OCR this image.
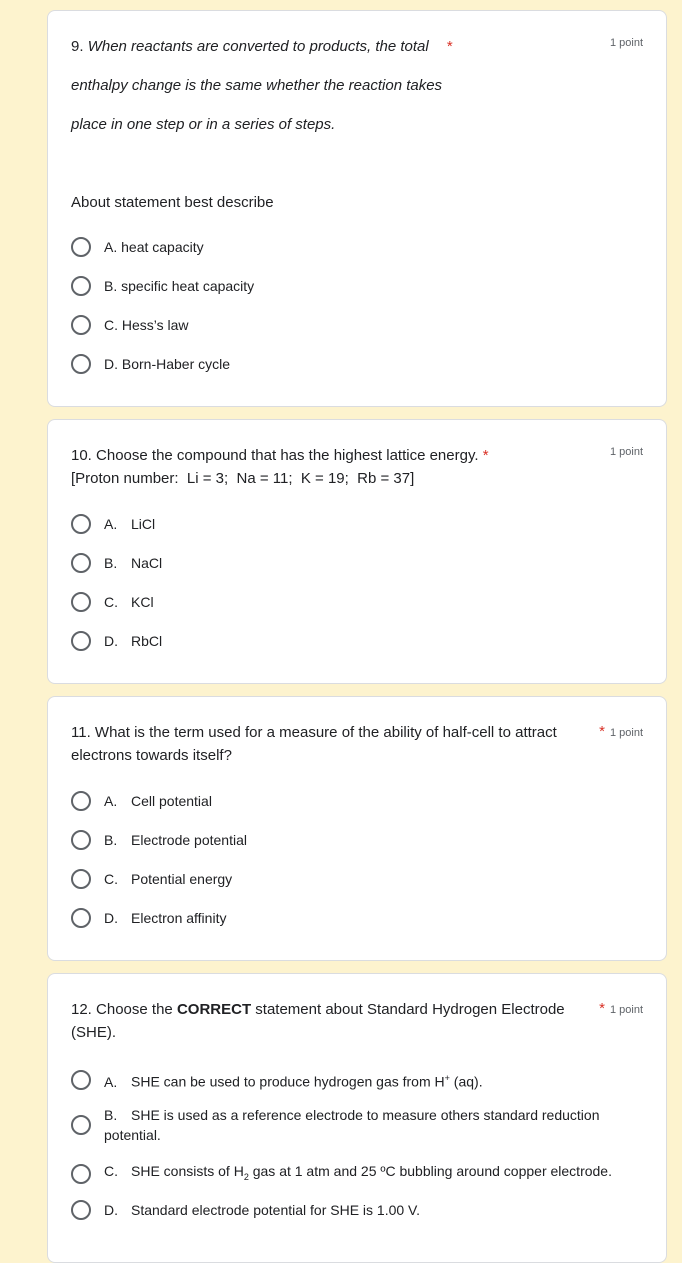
9. When reactants are converted to products, the total *
enthalpy change is the same whether the reaction takes
place in one step or in a series of steps.
1 point
About statement best describe
A. heat capacity
B. specific heat capacity
C. Hess’s law
D. Born-Haber cycle
10. Choose the compound that has the highest lattice energy. *
[Proton number:  Li = 3;  Na = 11;  K = 19;  Rb = 37]
1 point
A. LiCl
B. NaCl
C. KCl
D. RbCl
11. What is the term used for a measure of the ability of half-cell to attract electrons towards itself?
* 1 point
A. Cell potential
B. Electrode potential
C. Potential energy
D. Electron affinity
12. Choose the CORRECT statement about Standard Hydrogen Electrode (SHE).
* 1 point
A. SHE can be used to produce hydrogen gas from H+ (aq).
B. SHE is used as a reference electrode to measure others standard reduction potential.
C. SHE consists of $H_2$ gas at 1 atm and 25 ºC bubbling around copper electrode.
D. Standard electrode potential for SHE is 1.00 V.
